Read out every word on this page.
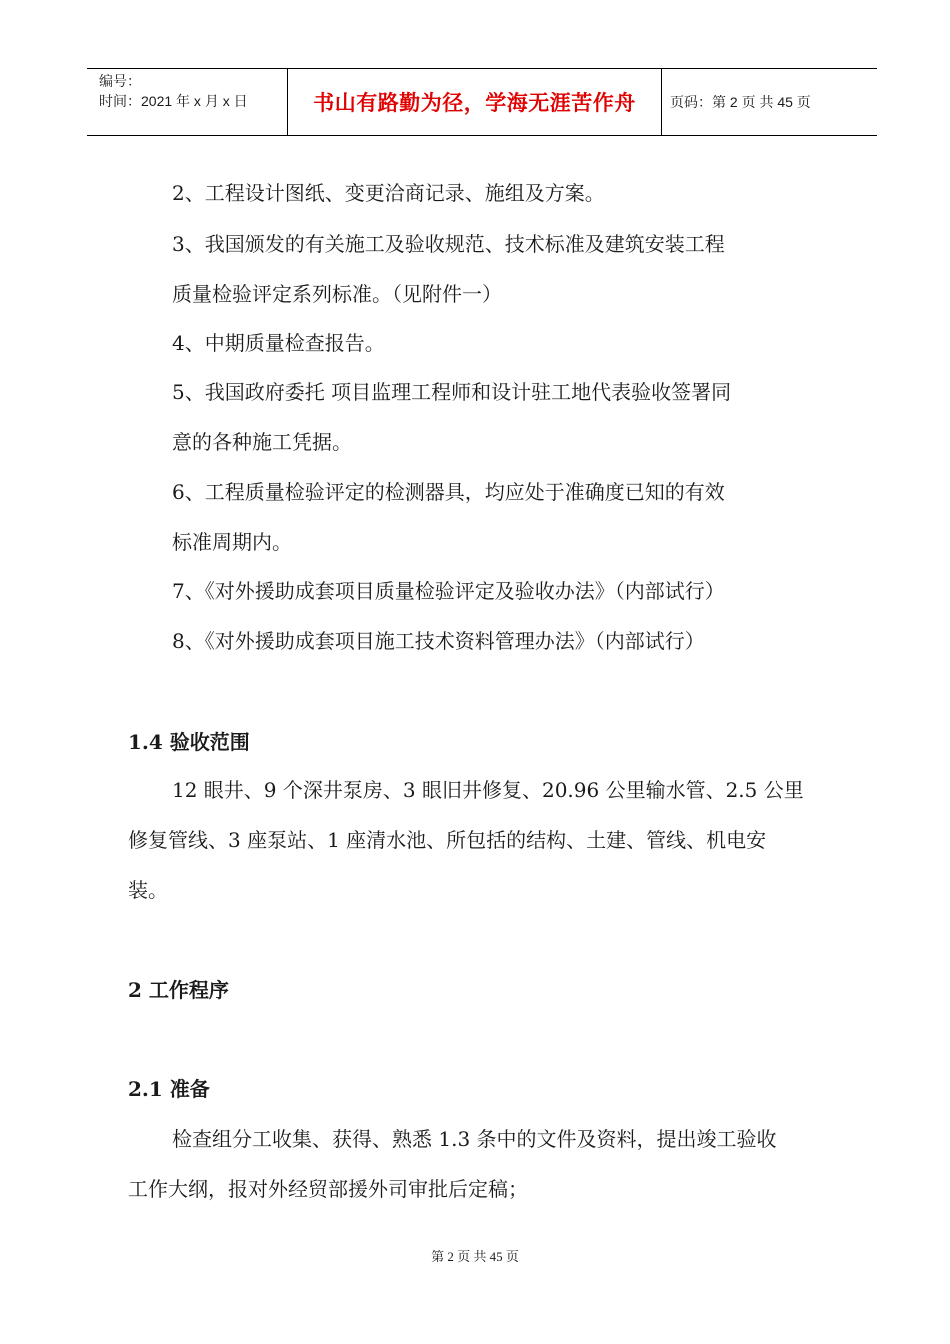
编号：
时间：2021 年 x 月 x 日	书山有路勤为径，学海无涯苦作舟 页码：第 2 页 共 45 页
2、工程设计图纸、变更洽商记录、施组及方案。
3、我国颁发的有关施工及验收规范、技术标准及建筑安装工程
质量检验评定系列标准。（见附件一）
4、中期质量检查报告。
5、我国政府委托 项目监理工程师和设计驻工地代表验收签署同
意的各种施工凭据。
6、工程质量检验评定的检测器具，均应处于准确度已知的有效
标准周期内。
7、《对外援助成套项目质量检验评定及验收办法》（内部试行）
8、《对外援助成套项目施工技术资料管理办法》（内部试行）
1.4 验收范围
12 眼井、9 个深井泵房、3 眼旧井修复、20.96 公里输水管、2.5 公里
修复管线、3 座泵站、1 座清水池、所包括的结构、土建、管线、机电安
装。
2 工作程序
2.1 准备
检查组分工收集、获得、熟悉 1.3 条中的文件及资料，提出竣工验收
工作大纲，报对外经贸部援外司审批后定稿；
第 2 页 共 45 页
